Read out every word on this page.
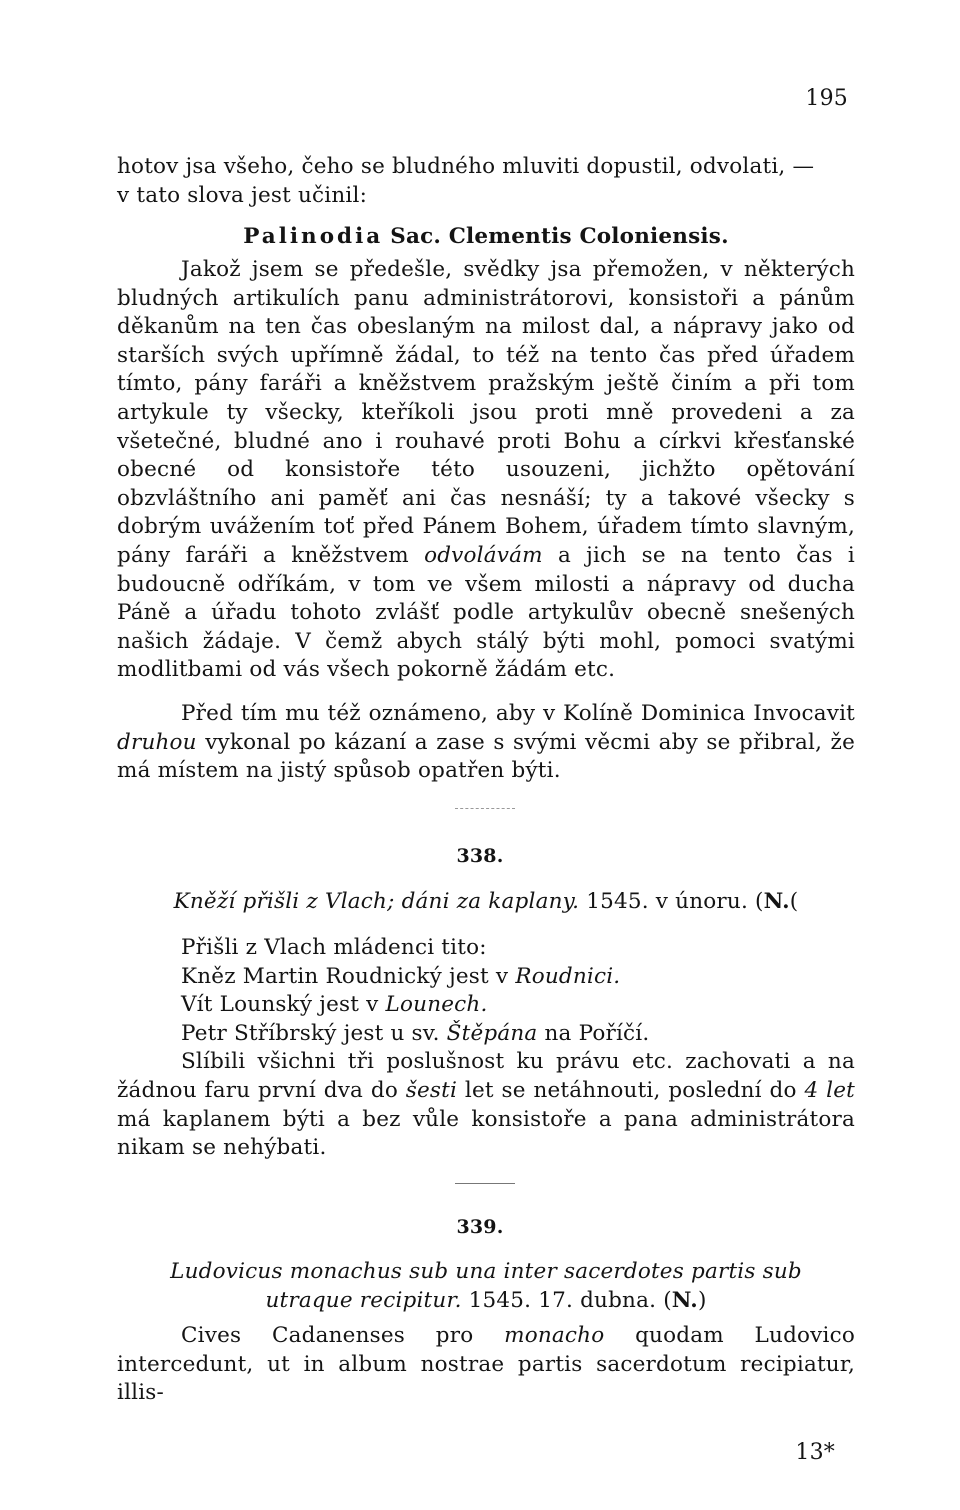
195

hotov jsa všeho, čeho se bludného mluviti dopustil, odvolati, —

v tato slova jest učinil:

Palinodia Sac. Clementis Coloniensis.

Jakož jsem se předešle, svědky jsa přemožen, v některých bludných artikulích panu administrátorovi, konsistoři a pánům děkanům na ten čas obeslaným na milost dal, a nápravy jako od starších svých upřímně žádal, to též na tento čas před úřadem tímto, pány faráři a kněžstvem pražským ještě činím a při tom artykule ty všecky, kteříkoli jsou proti mně provedeni a za všetečné, bludné ano i rouhavé proti Bohu a církvi křesťanské obecné od konsistoře této usouzeni, jichžto opětování obzvláštního ani paměť ani čas nesnáší; ty a takové všecky s dobrým uvážením toť před Pánem Bohem, úřadem tímto slavným, pány faráři a kněžstvem odvolávám a jich se na tento čas i budoucně odříkám, v tom ve všem milosti a nápravy od ducha Páně a úřadu tohoto zvlášť podle artykulův obecně snešených našich žádaje. V čemž abych stálý býti mohl, pomoci svatými modlitbami od vás všech pokorně žádám etc.

Před tím mu též oznámeno, aby v Kolíně Dominica Invocavit druhou vykonal po kázaní a zase s svými věcmi aby se přibral, že má místem na jistý spůsob opatřen býti.

338.
Kněží přišli z Vlach; dáni za kaplany. 1545. v únoru. (N.(

Přišli z Vlach mládenci tito:

Kněz Martin Roudnický jest v Roudnici.

Vít Lounský jest v Lounech.

Petr Stříbrský jest u sv. Štěpána na Poříčí.

Slíbili všichni tři poslušnost ku právu etc. zachovati a na žádnou faru první dva do šesti let se netáhnouti, poslední do 4 let má kaplanem býti a bez vůle konsistoře a pana administrátora nikam se nehýbati.

339.

Ludovicus monachus sub una inter sacerdotes partis sub

utraque recipitur. 1545. 17. dubna. (N.)

Cives Cadanenses pro monacho quodam Ludovico intercedunt, ut in album nostrae partis sacerdotum recipiatur, illis-

13*
